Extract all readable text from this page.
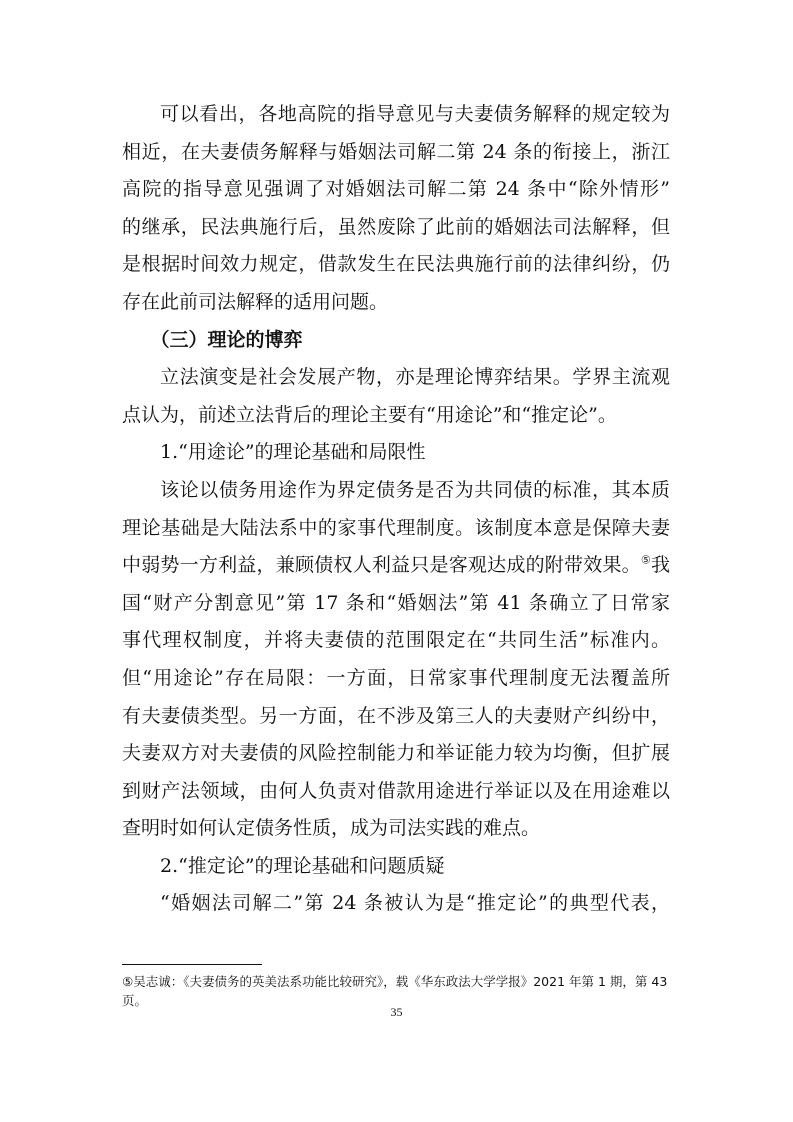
可以看出，各地高院的指导意见与夫妻债务解释的规定较为

相近，在夫妻债务解释与婚姻法司解二第 24 条的衔接上，浙江

高院的指导意见强调了对婚姻法司解二第 24 条中“除外情形”

的继承，民法典施行后，虽然废除了此前的婚姻法司法解释，但

是根据时间效力规定，借款发生在民法典施行前的法律纠纷，仍

存在此前司法解释的适用问题。

（三）理论的博弈

立法演变是社会发展产物，亦是理论博弈结果。学界主流观

点认为，前述立法背后的理论主要有“用途论”和“推定论”。

1.“用途论”的理论基础和局限性

该论以债务用途作为界定债务是否为共同债的标准，其本质

理论基础是大陆法系中的家事代理制度。该制度本意是保障夫妻

中弱势一方利益，兼顾债权人利益只是客观达成的附带效果。⑤我

国“财产分割意见”第 17 条和“婚姻法”第 41 条确立了日常家

事代理权制度，并将夫妻债的范围限定在“共同生活”标准内。

但“用途论”存在局限：一方面，日常家事代理制度无法覆盖所

有夫妻债类型。另一方面，在不涉及第三人的夫妻财产纠纷中，

夫妻双方对夫妻债的风险控制能力和举证能力较为均衡，但扩展

到财产法领域，由何人负责对借款用途进行举证以及在用途难以

查明时如何认定债务性质，成为司法实践的难点。

2.“推定论”的理论基础和问题质疑

“婚姻法司解二”第 24 条被认为是“推定论”的典型代表，

⑤吴志诚：《夫妻债务的英美法系功能比较研究》，载《华东政法大学学报》2021 年第 1 期，第 43 页。
35
